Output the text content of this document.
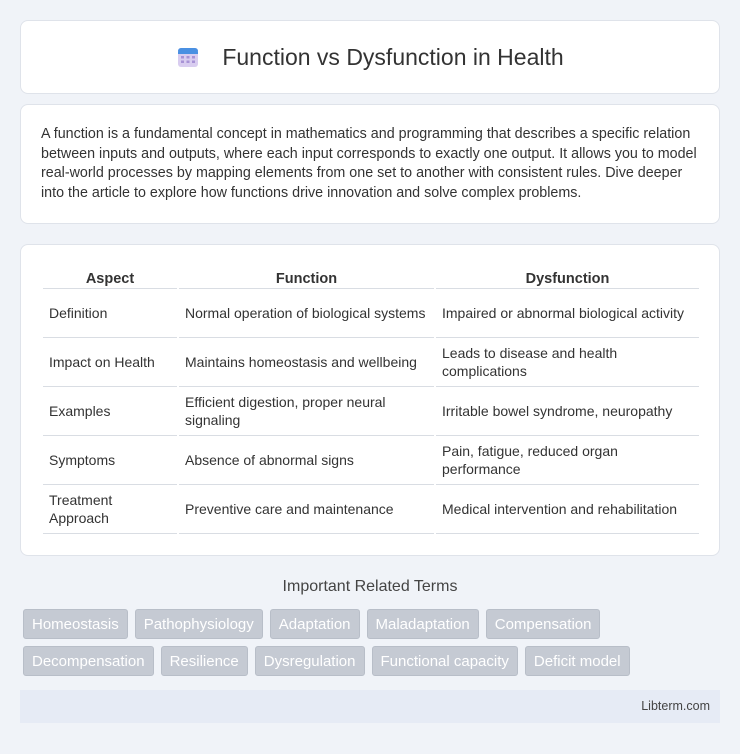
Function vs Dysfunction in Health

A function is a fundamental concept in mathematics and programming that describes a specific relation between inputs and outputs, where each input corresponds to exactly one output. It allows you to model real-world processes by mapping elements from one set to another with consistent rules. Dive deeper into the article to explore how functions drive innovation and solve complex problems.

Aspect	Function	Dysfunction
Definition	Normal operation of biological systems	Impaired or abnormal biological activity
Impact on Health	Maintains homeostasis and wellbeing	Leads to disease and health complications
Examples	Efficient digestion, proper neural signaling	Irritable bowel syndrome, neuropathy
Symptoms	Absence of abnormal signs	Pain, fatigue, reduced organ performance
Treatment Approach	Preventive care and maintenance	Medical intervention and rehabilitation
Important Related Terms
Homeostasis	Pathophysiology	Adaptation	Maladaptation	Compensation
Decompensation	Resilience	Dysregulation	Functional capacity	Deficit model
Libterm.com
